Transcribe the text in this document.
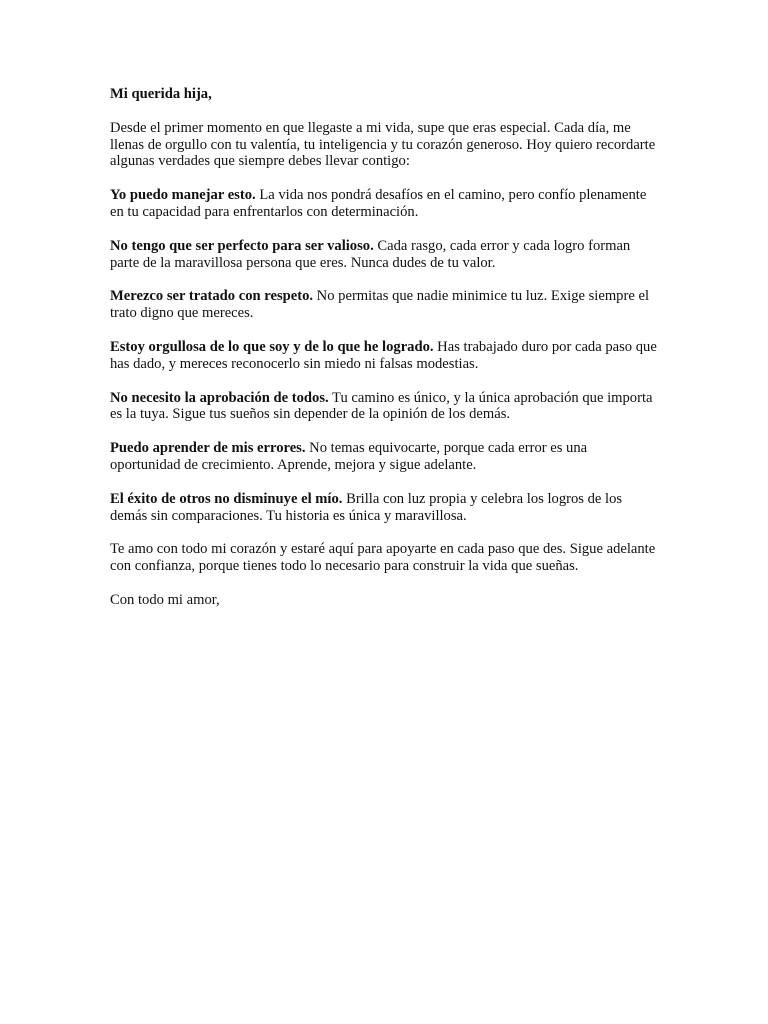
Mi querida hija,

Desde el primer momento en que llegaste a mi vida, supe que eras especial. Cada día, me llenas de orgullo con tu valentía, tu inteligencia y tu corazón generoso. Hoy quiero recordarte algunas verdades que siempre debes llevar contigo:

Yo puedo manejar esto. La vida nos pondrá desafíos en el camino, pero confío plenamente en tu capacidad para enfrentarlos con determinación.

No tengo que ser perfecto para ser valioso. Cada rasgo, cada error y cada logro forman parte de la maravillosa persona que eres. Nunca dudes de tu valor.

Merezco ser tratado con respeto. No permitas que nadie minimice tu luz. Exige siempre el trato digno que mereces.

Estoy orgullosa de lo que soy y de lo que he logrado. Has trabajado duro por cada paso que has dado, y mereces reconocerlo sin miedo ni falsas modestias.

No necesito la aprobación de todos. Tu camino es único, y la única aprobación que importa es la tuya. Sigue tus sueños sin depender de la opinión de los demás.

Puedo aprender de mis errores. No temas equivocarte, porque cada error es una oportunidad de crecimiento. Aprende, mejora y sigue adelante.

El éxito de otros no disminuye el mío. Brilla con luz propia y celebra los logros de los demás sin comparaciones. Tu historia es única y maravillosa.

Te amo con todo mi corazón y estaré aquí para apoyarte en cada paso que des. Sigue adelante con confianza, porque tienes todo lo necesario para construir la vida que sueñas.

Con todo mi amor,
